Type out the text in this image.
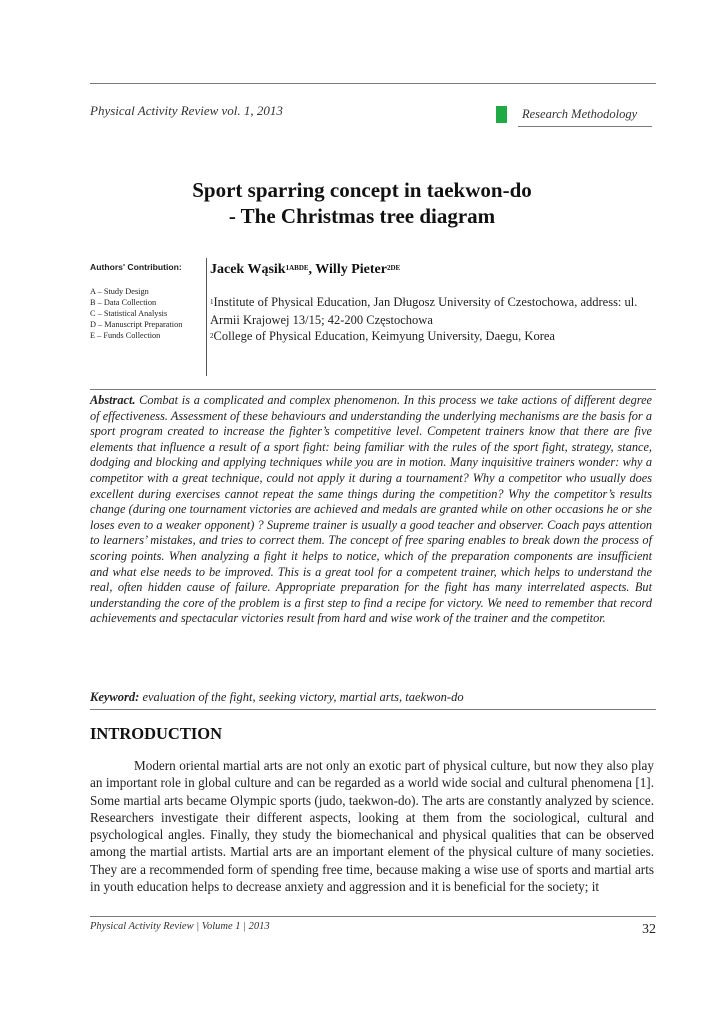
Physical Activity Review vol. 1, 2013	Research Methodology
Sport sparring concept in taekwon-do
- The Christmas tree diagram
Authors' Contribution:
A – Study Design
B – Data Collection
C – Statistical Analysis
D – Manuscript Preparation
E – Funds Collection
Jacek Wąsik$^{1ABDE}$, Willy Pieter$^{2DE}$
$^1$Institute of Physical Education, Jan Długosz University of Czestochowa, address: ul. Armii Krajowej 13/15; 42-200 Częstochowa
$^2$College of Physical Education, Keimyung University, Daegu, Korea
Abstract. Combat is a complicated and complex phenomenon. In this process we take actions of different degree of effectiveness. Assessment of these behaviours and understanding the underlying mechanisms are the basis for a sport program created to increase the fighter’s competitive level. Competent trainers know that there are five elements that influence a result of a sport fight: being familiar with the rules of the sport fight, strategy, stance, dodging and blocking and applying techniques while you are in motion. Many inquisitive trainers wonder: why a competitor with a great technique, could not apply it during a tournament? Why a competitor who usually does excellent during exercises cannot repeat the same things during the competition? Why the competitor’s results change (during one tournament victories are achieved and medals are granted while on other occasions he or she loses even to a weaker opponent) ? Supreme trainer is usually a good teacher and observer. Coach pays attention to learners’ mistakes, and tries to correct them. The concept of free sparing enables to break down the process of scoring points. When analyzing a fight it helps to notice, which of the preparation components are insufficient and what else needs to be improved. This is a great tool for a competent trainer, which helps to understand the real, often hidden cause of failure. Appropriate preparation for the fight has many interrelated aspects. But understanding the core of the problem is a first step to find a recipe for victory. We need to remember that record achievements and spectacular victories result from hard and wise work of the trainer and the competitor.
Keyword: evaluation of the fight, seeking victory, martial arts, taekwon-do
INTRODUCTION
Modern oriental martial arts are not only an exotic part of physical culture, but now they also play an important role in global culture and can be regarded as a world wide social and cultural phenomena [1]. Some martial arts became Olympic sports (judo, taekwon-do). The arts are constantly analyzed by science. Researchers investigate their different aspects, looking at them from the sociological, cultural and psychological angles. Finally, they study the biomechanical and physical qualities that can be observed among the martial artists. Martial arts are an important element of the physical culture of many societies. They are a recommended form of spending free time, because making a wise use of sports and martial arts in youth education helps to decrease anxiety and aggression and it is beneficial for the society; it
Physical Activity Review | Volume 1 | 2013	32
